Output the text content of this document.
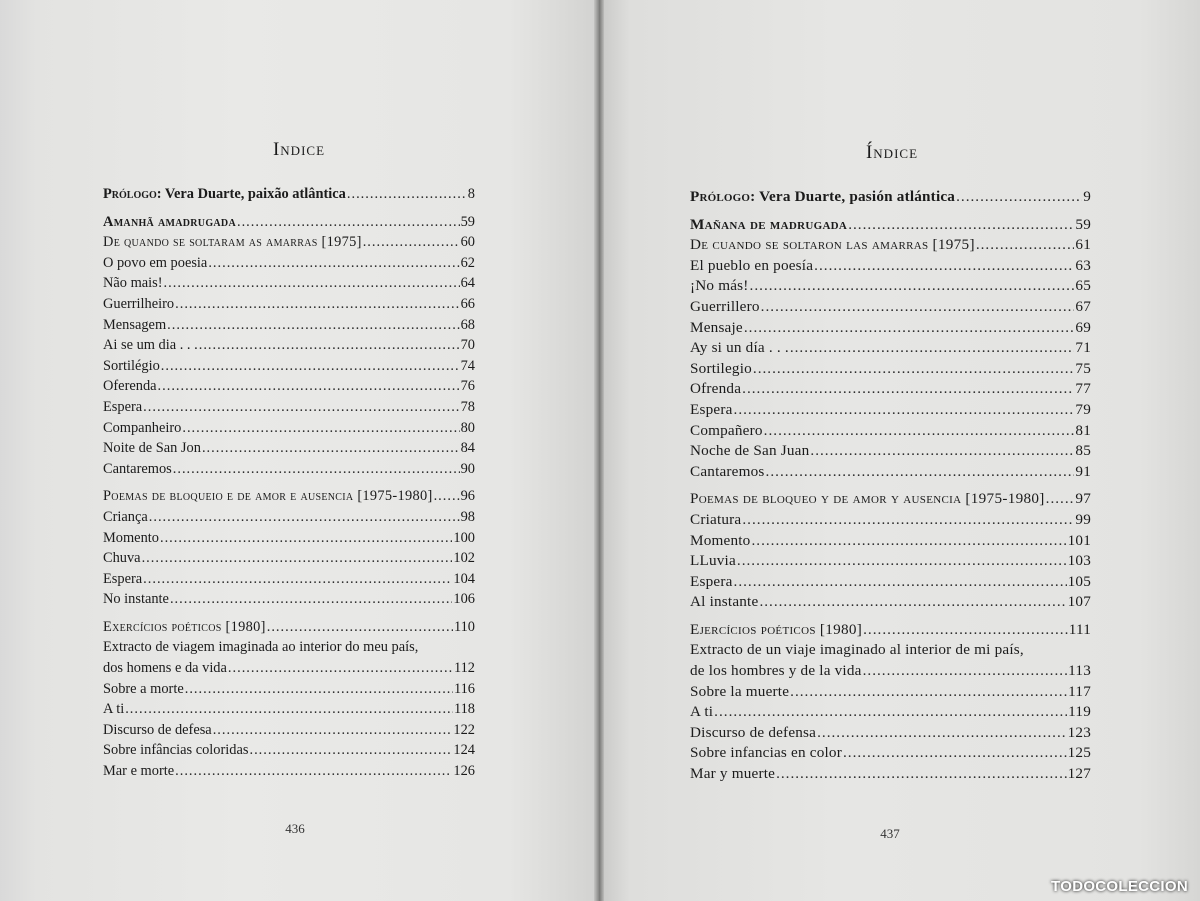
Indice
Prólogo: Vera Duarte, paixão atlântica .....	8
Amanhã amadrugada .....	59
De quando se soltaram as amarras [1975] .....	60
O povo em poesia .....	62
Não mais! .....	64
Guerrilheiro .....	66
Mensagem .....	68
Ai se um dia . . . .....	70
Sortilégio .....	74
Oferenda .....	76
Espera .....	78
Companheiro .....	80
Noite de San Jon .....	84
Cantaremos .....	90
Poemas de bloqueio e de amor e ausencia [1975-1980] ..... 96
Criança .....	98
Momento .....	100
Chuva .....	102
Espera .....	104
No instante .....	106
Exercícios poéticos [1980] .....	110
Extracto de viagem imaginada ao interior do meu país,
dos homens e da vida .....	112
Sobre a morte .....	116
A ti .....	118
Discurso de defesa .....	122
Sobre infâncias coloridas .....	124
Mar e morte .....	126
436
Índice
Prólogo: Vera Duarte, pasión atlántica .....	9
Mañana de madrugada .....	59
De cuando se soltaron las amarras [1975] .....	61
El pueblo en poesía .....	63
¡No más! .....	65
Guerrillero .....	67
Mensaje .....	69
Ay si un día . . . .....	71
Sortilegio .....	75
Ofrenda .....	77
Espera .....	79
Compañero .....	81
Noche de San Juan .....	85
Cantaremos .....	91
Poemas de bloqueo y de amor y ausencia [1975-1980] ..... 97
Criatura .....	99
Momento .....	101
LLuvia .....	103
Espera .....	105
Al instante .....	107
Ejercícios poéticos [1980] .....	111
Extracto de un viaje imaginado al interior de mi país,
de los hombres y de la vida .....	113
Sobre la muerte .....	117
A ti .....	119
Discurso de defensa .....	123
Sobre infancias en color .....	125
Mar y muerte .....	127
437
TODOCOLECCION
